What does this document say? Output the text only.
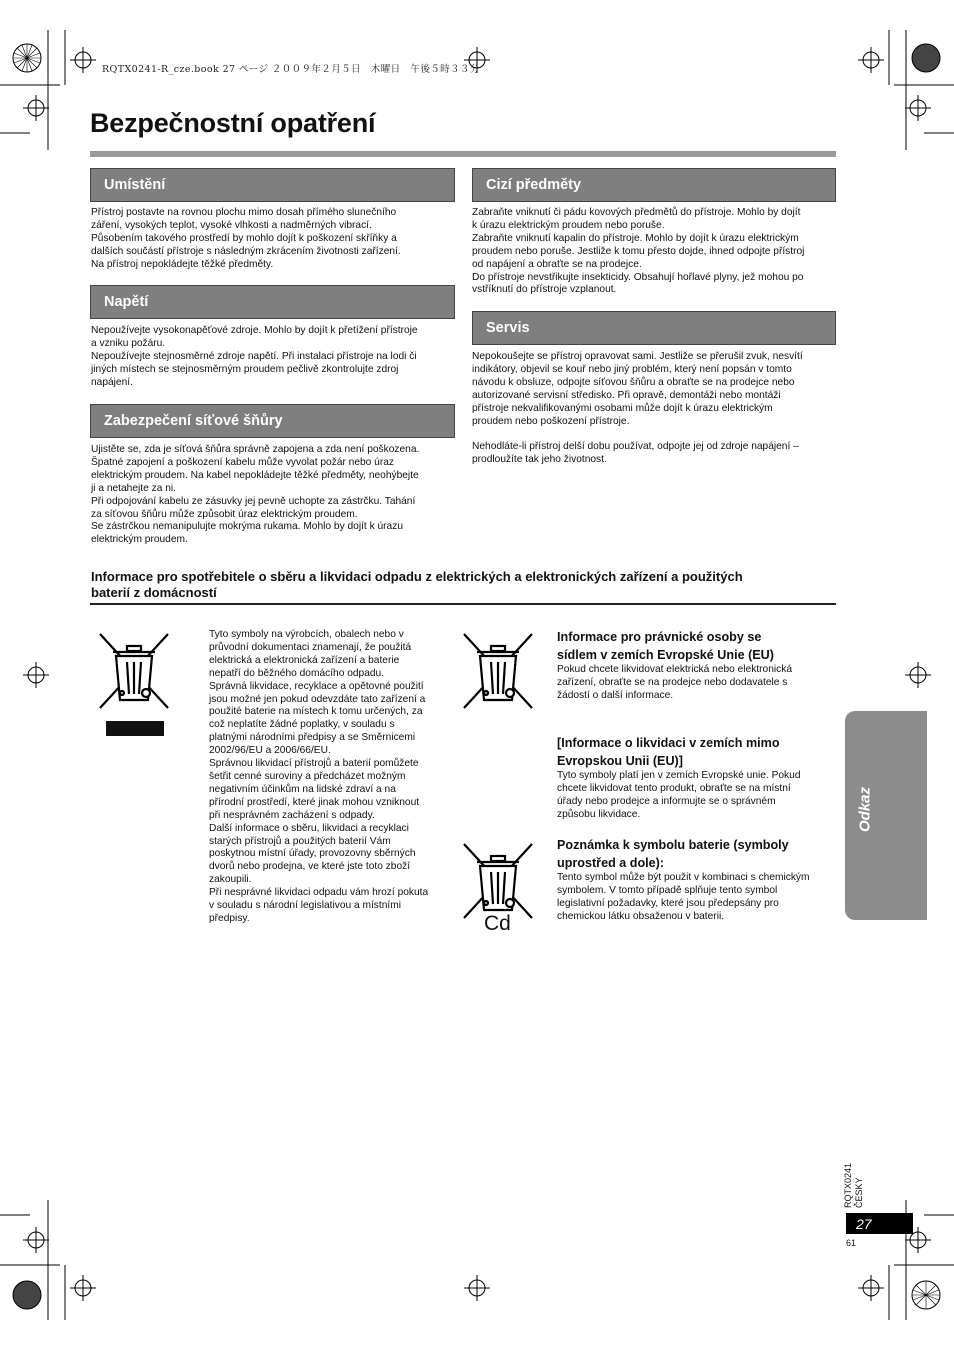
RQTX0241-R_cze.book 27 ページ ２００９年２月５日　木曜日　午後５時３３分
Bezpečnostní opatření
Umístění
Přístroj postavte na rovnou plochu mimo dosah přímého slunečního
záření, vysokých teplot, vysoké vlhkosti a nadměrných vibrací.
Působením takového prostředí by mohlo dojít k poškození skříňky a
dalších součástí přístroje s následným zkrácením životnosti zařízení.
Na přístroj nepokládejte těžké předměty.
Napětí
Nepoužívejte vysokonapěťové zdroje. Mohlo by dojít k přetížení přístroje
a vzniku požáru.
Nepoužívejte stejnosměrné zdroje napětí. Při instalaci přístroje na lodi či
jiných místech se stejnosměrným proudem pečlivě zkontrolujte zdroj
napájení.
Zabezpečení síťové šňůry
Ujistěte se, zda je síťová šňůra správně zapojena a zda není poškozena.
Špatné zapojení a poškození kabelu může vyvolat požár nebo úraz
elektrickým proudem. Na kabel nepokládejte těžké předměty, neohýbejte
ji a netahejte za ni.
Při odpojování kabelu ze zásuvky jej pevně uchopte za zástrčku. Tahání
za síťovou šňůru může způsobit úraz elektrickým proudem.
Se zástrčkou nemanipulujte mokrýma rukama. Mohlo by dojít k úrazu
elektrickým proudem.
Cizí předměty
Zabraňte vniknutí či pádu kovových předmětů do přístroje. Mohlo by dojít
k úrazu elektrickým proudem nebo poruše.
Zabraňte vniknutí kapalin do přístroje. Mohlo by dojít k úrazu elektrickým
proudem nebo poruše. Jestliže k tomu přesto dojde, ihned odpojte přístroj
od napájení a obraťte se na prodejce.
Do přístroje nevstřikujte insekticidy. Obsahují hořlavé plyny, jež mohou po
vstříknutí do přístroje vzplanout.
Servis
Nepokoušejte se přístroj opravovat sami. Jestliže se přerušil zvuk, nesvítí
indikátory, objevil se kouř nebo jiný problém, který není popsán v tomto
návodu k obsluze, odpojte síťovou šňůru a obraťte se na prodejce nebo
autorizované servisní středisko. Při opravě, demontáži nebo montáži
přístroje nekvalifikovanými osobami může dojít k úrazu elektrickým
proudem nebo poškození přístroje.

Nehodláte-li přístroj delší dobu používat, odpojte jej od zdroje napájení –
prodloužíte tak jeho životnost.
Informace pro spotřebitele o sběru a likvidaci odpadu z elektrických a elektronických zařízení a použitých
baterií z domácností
Tyto symboly na výrobcích, obalech nebo v
průvodní dokumentaci znamenají, že použitá
elektrická a elektronická zařízení a baterie
nepatří do běžného domácího odpadu.
Správná likvidace, recyklace a opětovné použití
jsou možné jen pokud odevzdáte tato zařízení a
použité baterie na místech k tomu určených, za
což neplatíte žádné poplatky, v souladu s
platnými národními předpisy a se Směrnicemi
2002/96/EU a 2006/66/EU.
Správnou likvidací přístrojů a baterií pomůžete
šetřit cenné suroviny a předcházet možným
negativním účinkům na lidské zdraví a na
přírodní prostředí, které jinak mohou vzniknout
při nesprávném zacházení s odpady.
Další informace o sběru, likvidaci a recyklaci
starých přístrojů a použitých baterií Vám
poskytnou místní úřady, provozovny sběrných
dvorů nebo prodejna, ve které jste toto zboží
zakoupili.
Při nesprávné likvidaci odpadu vám hrozí pokuta
v souladu s národní legislativou a místními
předpisy.
Informace pro právnické osoby se
sídlem v zemích Evropské Unie (EU)
Pokud chcete likvidovat elektrická nebo elektronická
zařízení, obraťte se na prodejce nebo dodavatele s
žádostí o další informace.
[Informace o likvidaci v zemích mimo
Evropskou Unii (EU)]
Tyto symboly platí jen v zemích Evropské unie. Pokud
chcete likvidovat tento produkt, obraťte se na místní
úřady nebo prodejce a informujte se o správném
způsobu likvidace.
Cd
Poznámka k symbolu baterie (symboly
uprostřed a dole):
Tento symbol může být použit v kombinaci s chemickým
symbolem. V tomto případě splňuje tento symbol
legislativní požadavky, které jsou předepsány pro
chemickou látku obsaženou v baterii.
Odkaz
RQTX0241
ČESKY
27
61
